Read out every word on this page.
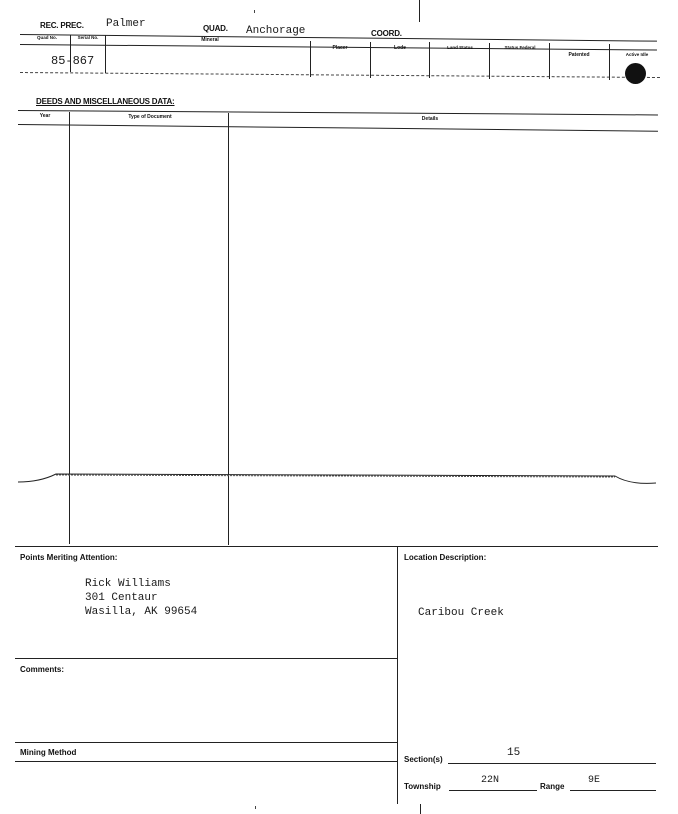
REC. PREC. Palmer	QUAD. Anchorage	COORD.
Quad No.	Serial No.	Mineral
Placer	Lode	Land Status	Status Federal
Patented	Active Idle
85-867
DEEDS AND MISCELLANEOUS DATA:
Year	Type of Document	Details
Points Meriting Attention:
Rick Williams
301 Centaur
Wasilla, AK 99654
Comments:
Mining Method
Location Description:
Caribou Creek
Section(s)
15
Township
22N
Range
9E
